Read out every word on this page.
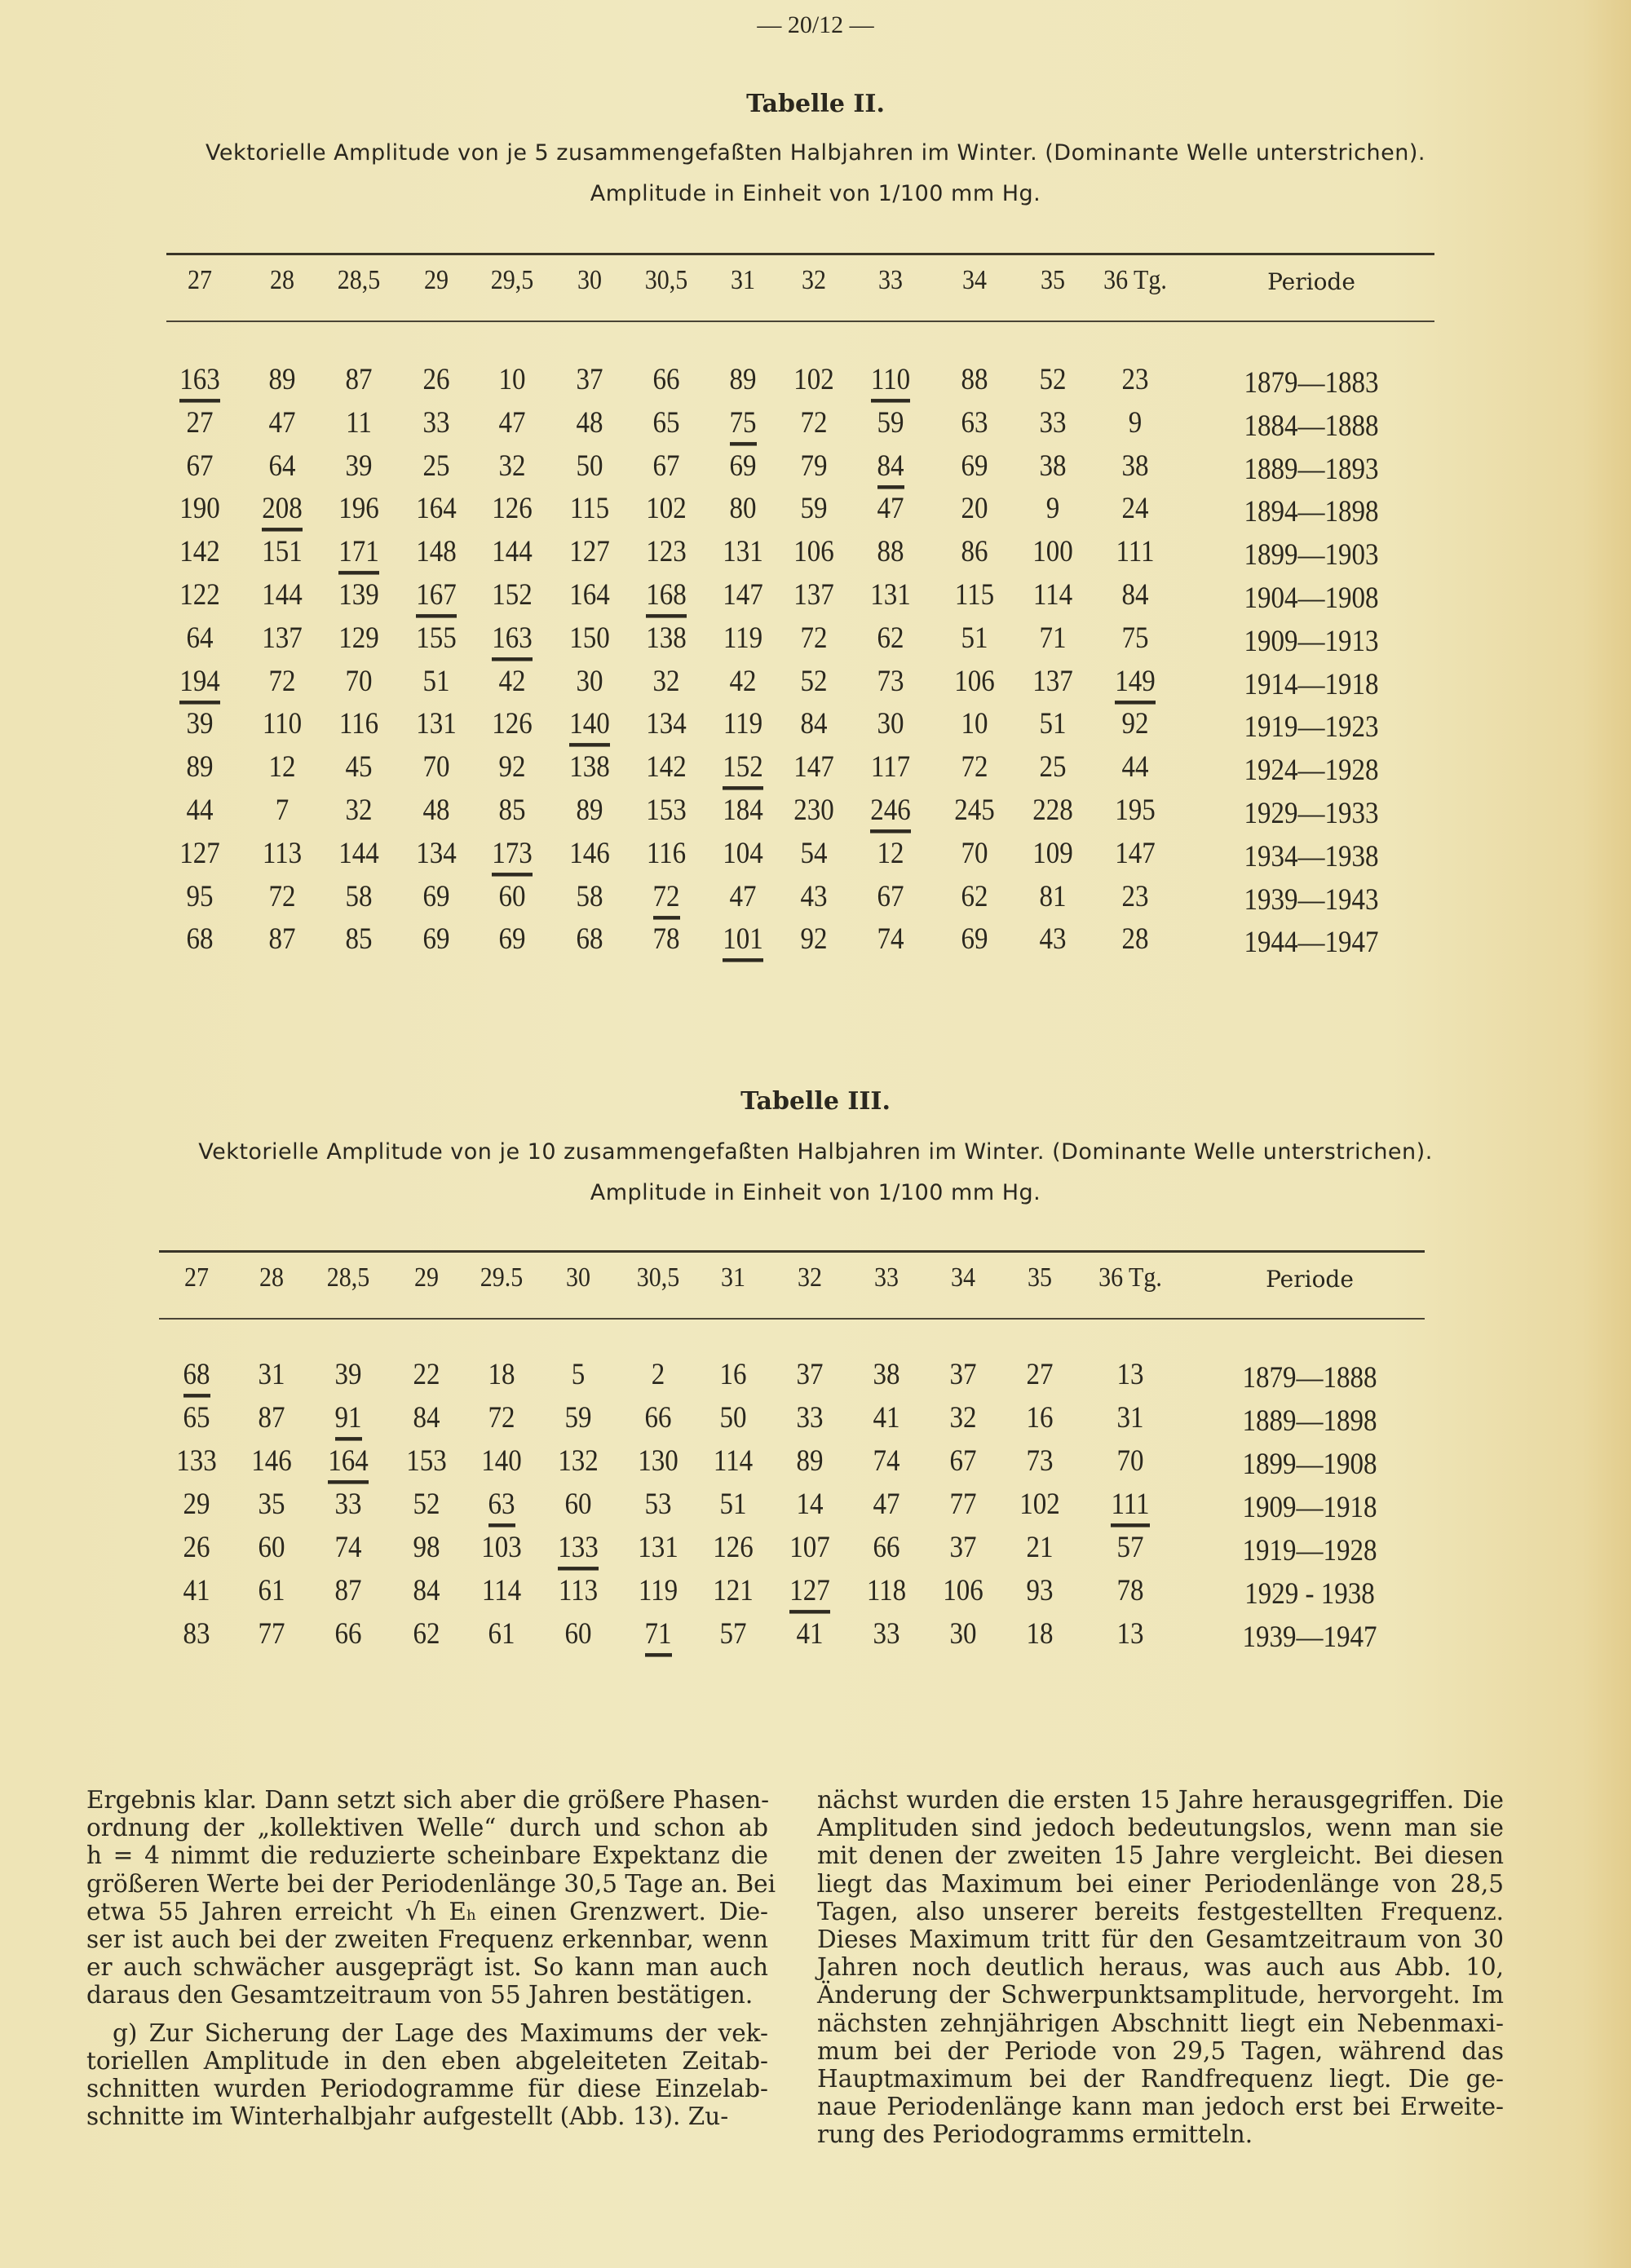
— 20/12 —
Tabelle II.
Vektorielle Amplitude von je 5 zusammengefaßten Halbjahren im Winter. (Dominante Welle unterstrichen).
Amplitude in Einheit von 1/100 mm Hg.
27	28	28,5	29	29,5	30	30,5	31	32	33	34	35	36 Tg.	Periode
163	89	87	26	10	37	66	89	102	110	88	52	23	1879—1883
27	47	11	33	47	48	65	75	72	59	63	33	9	1884—1888
67	64	39	25	32	50	67	69	79	84	69	38	38	1889—1893
190	208	196	164	126	115	102	80	59	47	20	9	24	1894—1898
142	151	171	148	144	127	123	131	106	88	86	100	111	1899—1903
122	144	139	167	152	164	168	147	137	131	115	114	84	1904—1908
64	137	129	155	163	150	138	119	72	62	51	71	75	1909—1913
194	72	70	51	42	30	32	42	52	73	106	137	149	1914—1918
39	110	116	131	126	140	134	119	84	30	10	51	92	1919—1923
89	12	45	70	92	138	142	152	147	117	72	25	44	1924—1928
44	7	32	48	85	89	153	184	230	246	245	228	195	1929—1933
127	113	144	134	173	146	116	104	54	12	70	109	147	1934—1938
95	72	58	69	60	58	72	47	43	67	62	81	23	1939—1943
68	87	85	69	69	68	78	101	92	74	69	43	28	1944—1947
Tabelle III.
Vektorielle Amplitude von je 10 zusammengefaßten Halbjahren im Winter. (Dominante Welle unterstrichen).
Amplitude in Einheit von 1/100 mm Hg.
27	28	28,5	29	29.5	30	30,5	31	32	33	34	35	36 Tg.	Periode
68	31	39	22	18	5	2	16	37	38	37	27	13	1879—1888
65	87	91	84	72	59	66	50	33	41	32	16	31	1889—1898
133	146	164	153	140	132	130	114	89	74	67	73	70	1899—1908
29	35	33	52	63	60	53	51	14	47	77	102	111	1909—1918
26	60	74	98	103	133	131	126	107	66	37	21	57	1919—1928
41	61	87	84	114	113	119	121	127	118	106	93	78	1929 - 1938
83	77	66	62	61	60	71	57	41	33	30	18	13	1939—1947
Ergebnis klar. Dann setzt sich aber die größere Phasen-
ordnung der „kollektiven Welle“ durch und schon ab
h = 4 nimmt die reduzierte scheinbare Expektanz die
größeren Werte bei der Periodenlänge 30,5 Tage an. Bei
etwa 55 Jahren erreicht √h Eₕ einen Grenzwert. Die-
ser ist auch bei der zweiten Frequenz erkennbar, wenn
er auch schwächer ausgeprägt ist. So kann man auch
daraus den Gesamtzeitraum von 55 Jahren bestätigen.
g) Zur Sicherung der Lage des Maximums der vek-
toriellen Amplitude in den eben abgeleiteten Zeitab-
schnitten wurden Periodogramme für diese Einzelab-
schnitte im Winterhalbjahr aufgestellt (Abb. 13). Zu-
nächst wurden die ersten 15 Jahre herausgegriffen. Die
Amplituden sind jedoch bedeutungslos, wenn man sie
mit denen der zweiten 15 Jahre vergleicht. Bei diesen
liegt das Maximum bei einer Periodenlänge von 28,5
Tagen, also unserer bereits festgestellten Frequenz.
Dieses Maximum tritt für den Gesamtzeitraum von 30
Jahren noch deutlich heraus, was auch aus Abb. 10,
Änderung der Schwerpunktsamplitude, hervorgeht. Im
nächsten zehnjährigen Abschnitt liegt ein Nebenmaxi-
mum bei der Periode von 29,5 Tagen, während das
Hauptmaximum bei der Randfrequenz liegt. Die ge-
naue Periodenlänge kann man jedoch erst bei Erweite-
rung des Periodogramms ermitteln.
